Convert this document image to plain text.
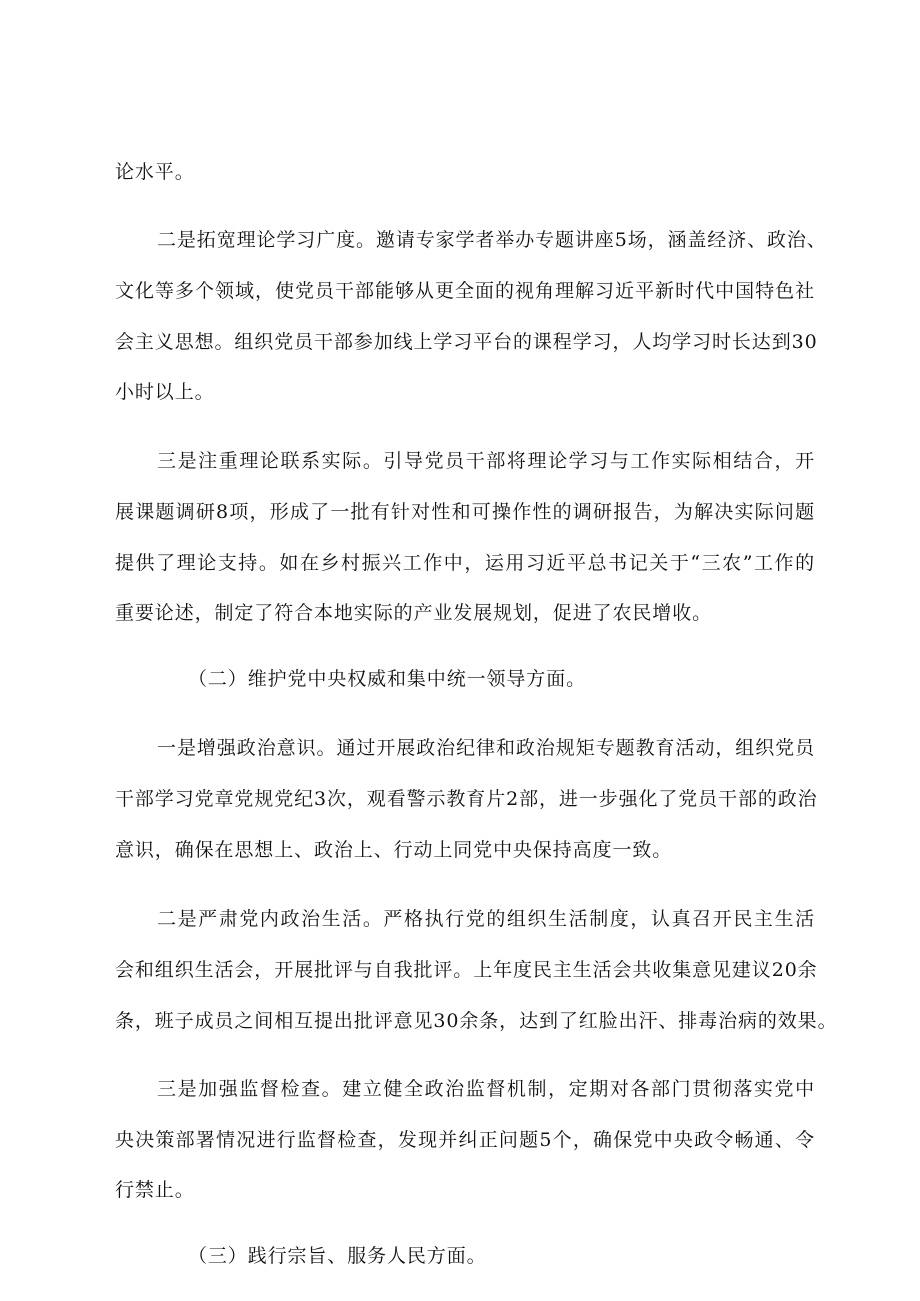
论水平。
二是拓宽理论学习广度。邀请专家学者举办专题讲座5场，涵盖经济、政治、
文化等多个领域，使党员干部能够从更全面的视角理解习近平新时代中国特色社
会主义思想。组织党员干部参加线上学习平台的课程学习，人均学习时长达到30
小时以上。
三是注重理论联系实际。引导党员干部将理论学习与工作实际相结合，开
展课题调研8项，形成了一批有针对性和可操作性的调研报告，为解决实际问题
提供了理论支持。如在乡村振兴工作中，运用习近平总书记关于“三农”工作的
重要论述，制定了符合本地实际的产业发展规划，促进了农民增收。
（二）维护党中央权威和集中统一领导方面。
一是增强政治意识。通过开展政治纪律和政治规矩专题教育活动，组织党员
干部学习党章党规党纪3次，观看警示教育片2部，进一步强化了党员干部的政治
意识，确保在思想上、政治上、行动上同党中央保持高度一致。
二是严肃党内政治生活。严格执行党的组织生活制度，认真召开民主生活
会和组织生活会，开展批评与自我批评。上年度民主生活会共收集意见建议20余
条，班子成员之间相互提出批评意见30余条，达到了红脸出汗、排毒治病的效果。
三是加强监督检查。建立健全政治监督机制，定期对各部门贯彻落实党中
央决策部署情况进行监督检查，发现并纠正问题5个，确保党中央政令畅通、令
行禁止。
（三）践行宗旨、服务人民方面。
